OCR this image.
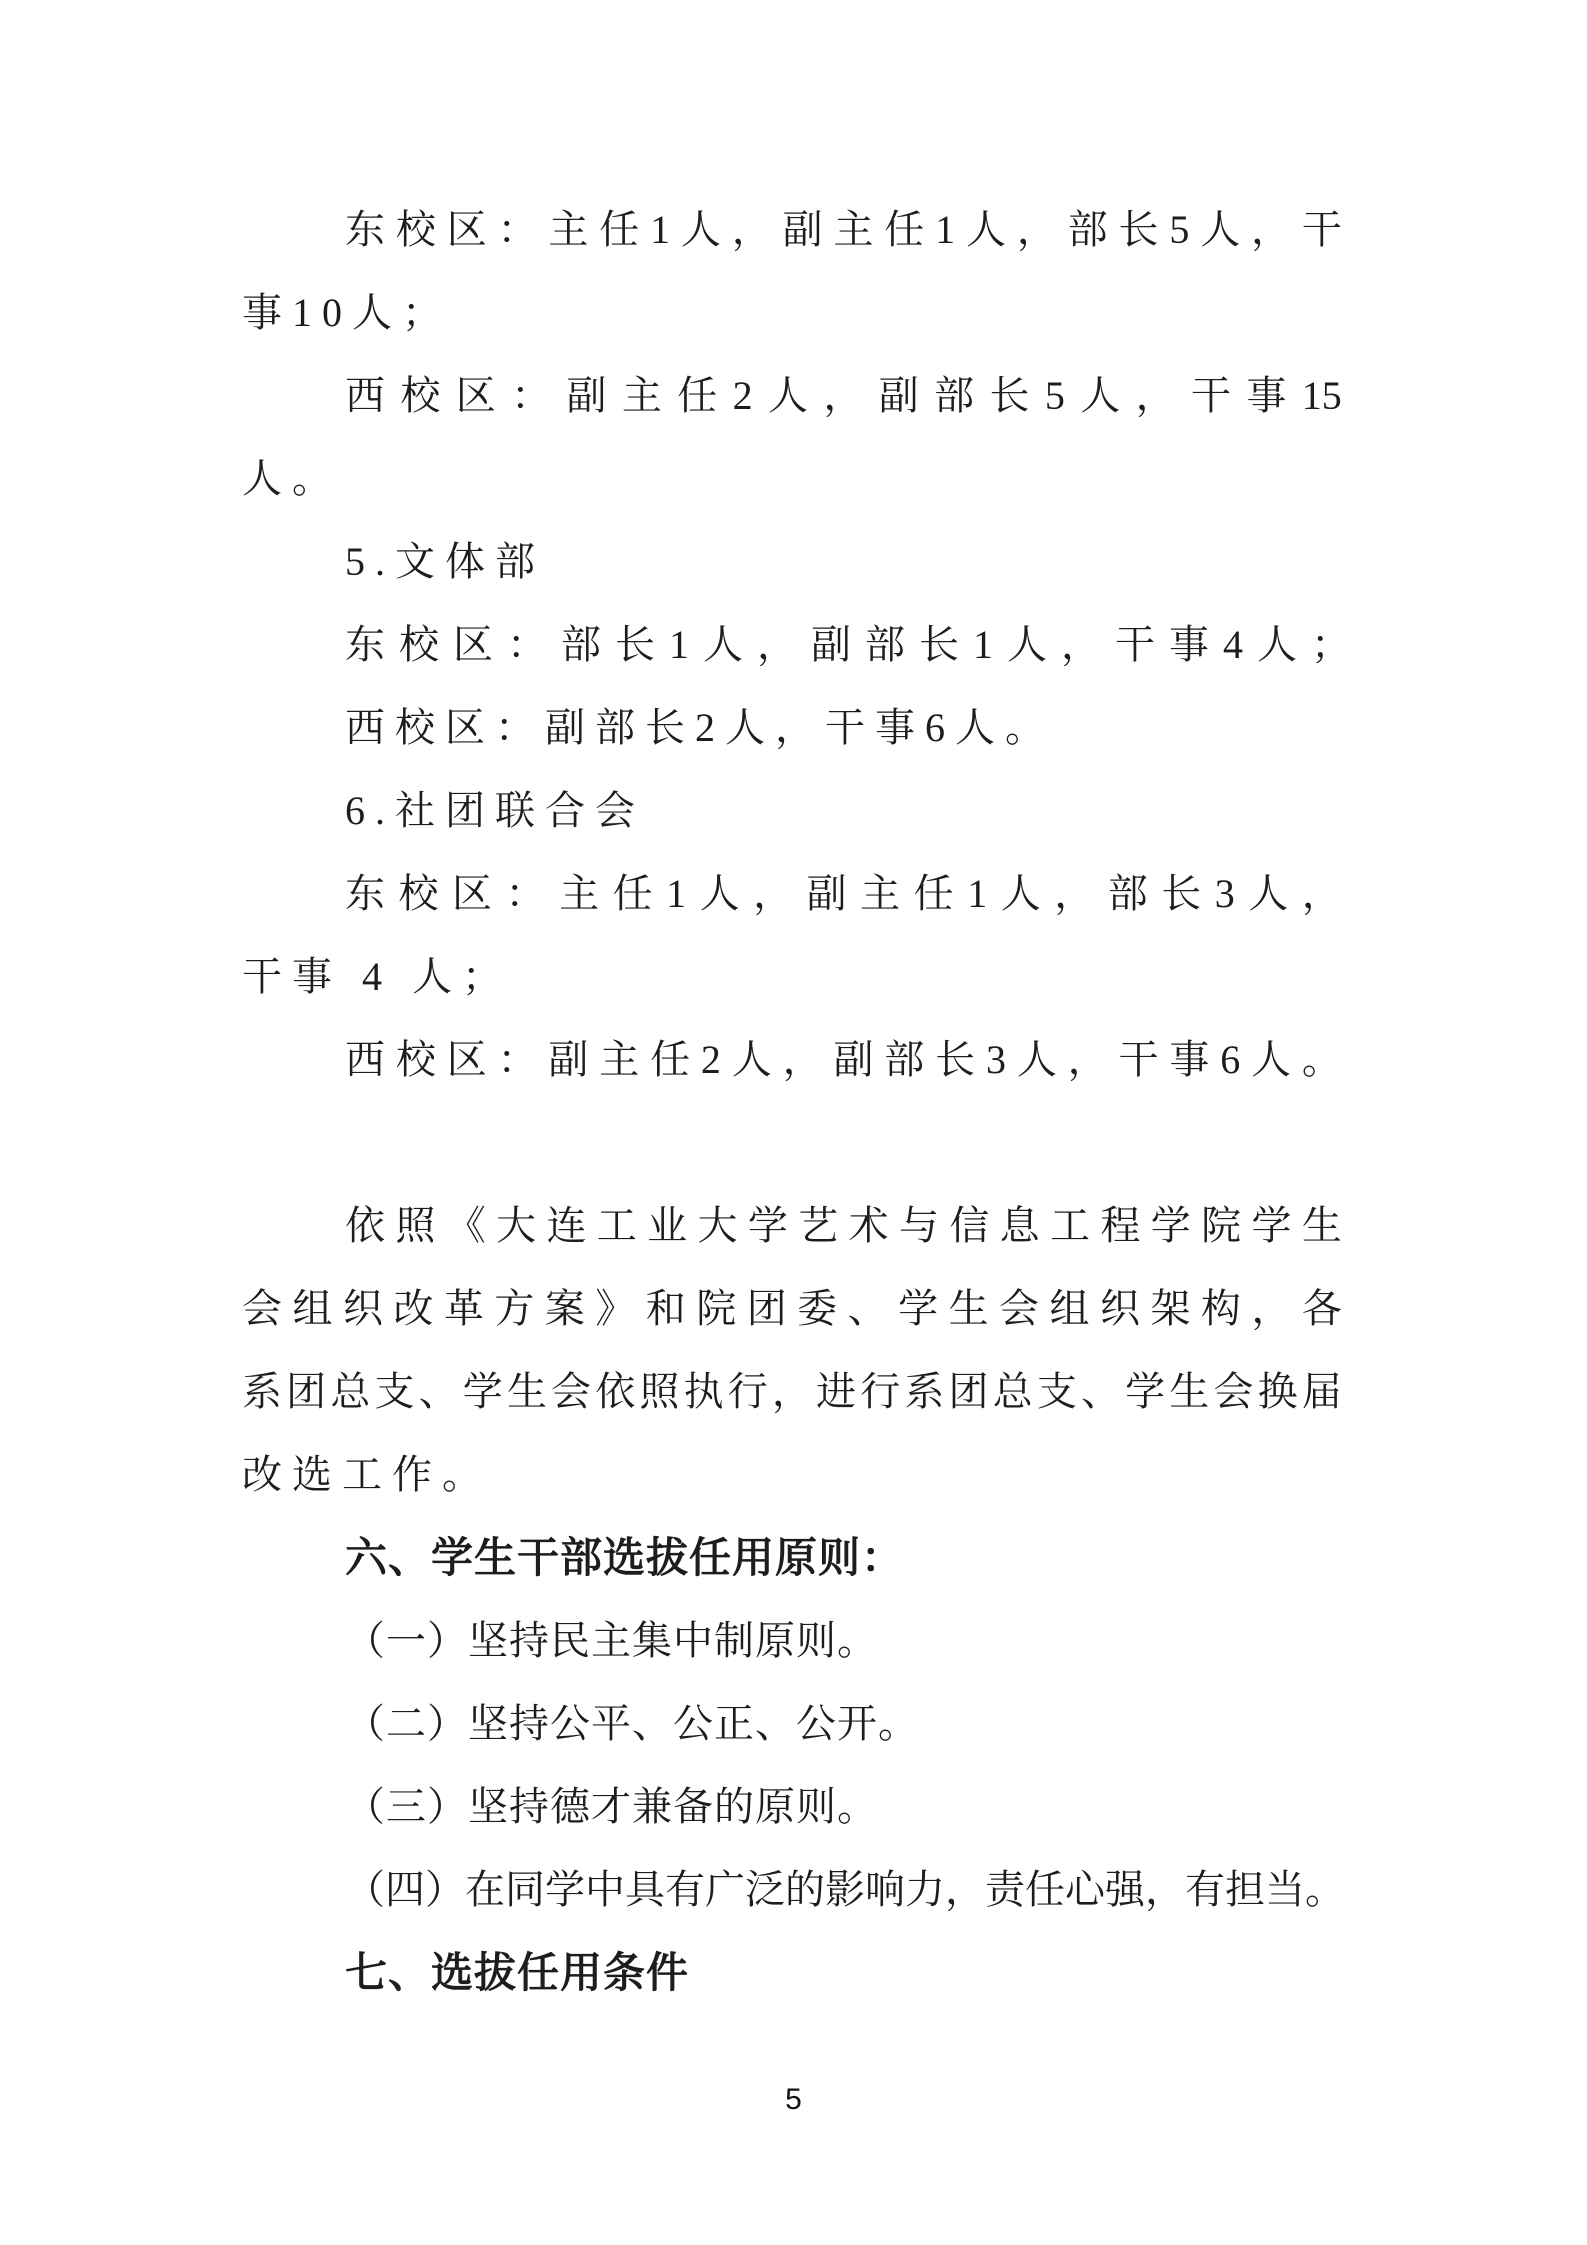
东 校 区 ： 主 任 1 人 ， 副 主 任 1 人 ， 部 长 5 人 ， 干
事10人；
西 校 区 ： 副 主 任 2 人 ， 副 部 长 5 人 ， 干 事 15
人。
5.文体部
东校区：部长1人，副部长1人，干事4人；
西校区：副部长2人，干事6人。
6.社团联合会
东 校 区 ： 主 任 1 人 ， 副 主 任 1 人 ， 部 长 3 人 ，
干事 4 人；
西 校 区 ： 副 主 任 2 人 ， 副 部 长 3 人 ， 干 事 6 人 。
依 照 《 大 连 工 业 大 学 艺 术 与 信 息 工 程 学 院 学 生
会 组 织 改 革 方 案 》 和 院 团 委 、 学 生 会 组 织 架 构 ， 各
系 团 总 支 、 学 生 会 依 照 执 行 ， 进 行 系 团 总 支 、 学 生 会 换 届
改选工作。
六、学生干部选拔任用原则：
（一）坚持民主集中制原则。
（二）坚持公平、公正、公开。
（三）坚持德才兼备的原则。
（ 四 ） 在 同 学 中 具 有 广 泛 的 影 响 力 ， 责 任 心 强 ， 有 担 当 。
七、选拔任用条件
5
